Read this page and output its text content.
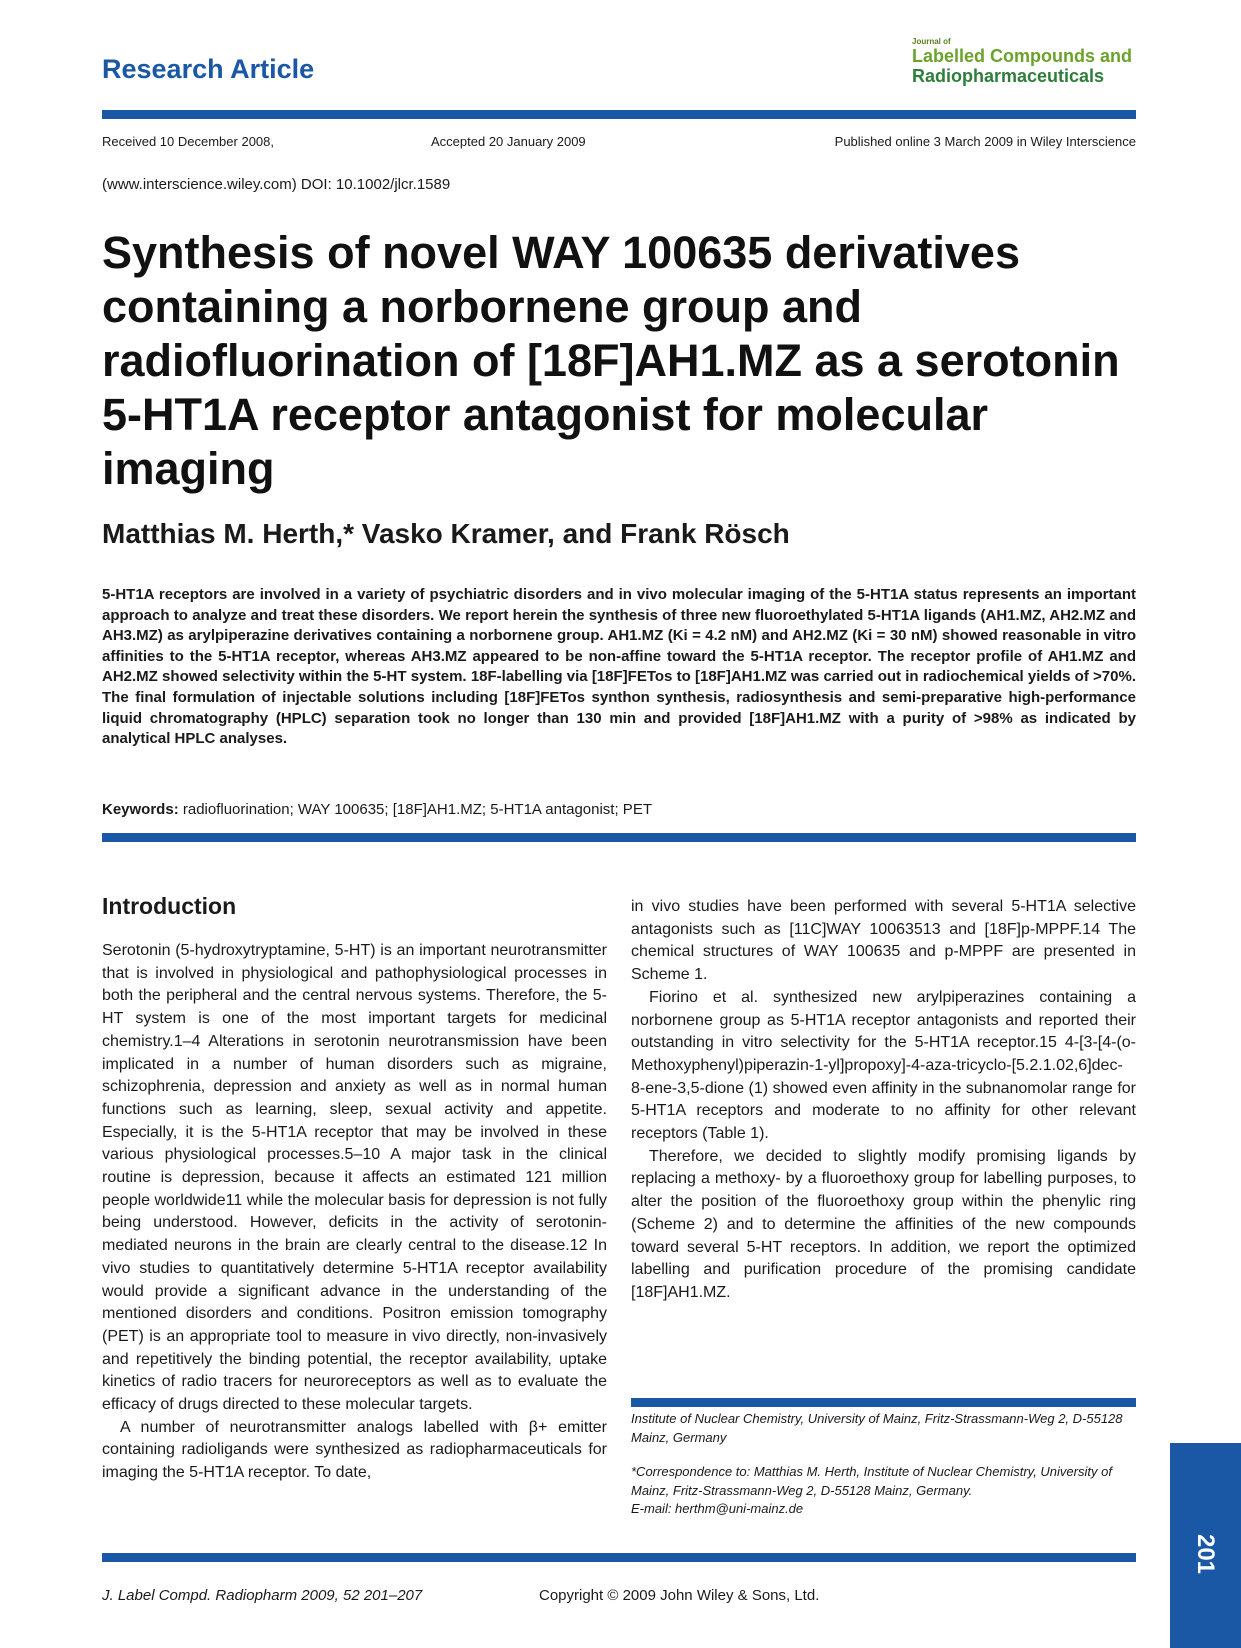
Research Article
Journal of
Labelled Compounds and
Radiopharmaceuticals
Received 10 December 2008,	Accepted 20 January 2009	Published online 3 March 2009 in Wiley Interscience
(www.interscience.wiley.com) DOI: 10.1002/jlcr.1589
Synthesis of novel WAY 100635 derivatives containing a norbornene group and radiofluorination of [18F]AH1.MZ as a serotonin 5-HT1A receptor antagonist for molecular imaging
Matthias M. Herth,* Vasko Kramer, and Frank Rösch
5-HT1A receptors are involved in a variety of psychiatric disorders and in vivo molecular imaging of the 5-HT1A status represents an important approach to analyze and treat these disorders. We report herein the synthesis of three new fluoroethylated 5-HT1A ligands (AH1.MZ, AH2.MZ and AH3.MZ) as arylpiperazine derivatives containing a norbornene group. AH1.MZ (Ki = 4.2 nM) and AH2.MZ (Ki = 30 nM) showed reasonable in vitro affinities to the 5-HT1A receptor, whereas AH3.MZ appeared to be non-affine toward the 5-HT1A receptor. The receptor profile of AH1.MZ and AH2.MZ showed selectivity within the 5-HT system. 18F-labelling via [18F]FETos to [18F]AH1.MZ was carried out in radiochemical yields of >70%. The final formulation of injectable solutions including [18F]FETos synthon synthesis, radiosynthesis and semi-preparative high-performance liquid chromatography (HPLC) separation took no longer than 130 min and provided [18F]AH1.MZ with a purity of >98% as indicated by analytical HPLC analyses.
Keywords: radiofluorination; WAY 100635; [18F]AH1.MZ; 5-HT1A antagonist; PET
Introduction

Serotonin (5-hydroxytryptamine, 5-HT) is an important neurotransmitter that is involved in physiological and pathophysiological processes in both the peripheral and the central nervous systems. Therefore, the 5-HT system is one of the most important targets for medicinal chemistry.1–4 Alterations in serotonin neurotransmission have been implicated in a number of human disorders such as migraine, schizophrenia, depression and anxiety as well as in normal human functions such as learning, sleep, sexual activity and appetite. Especially, it is the 5-HT1A receptor that may be involved in these various physiological processes.5–10 A major task in the clinical routine is depression, because it affects an estimated 121 million people worldwide11 while the molecular basis for depression is not fully being understood. However, deficits in the activity of serotonin-mediated neurons in the brain are clearly central to the disease.12 In vivo studies to quantitatively determine 5-HT1A receptor availability would provide a significant advance in the understanding of the mentioned disorders and conditions. Positron emission tomography (PET) is an appropriate tool to measure in vivo directly, non-invasively and repetitively the binding potential, the receptor availability, uptake kinetics of radio tracers for neuroreceptors as well as to evaluate the efficacy of drugs directed to these molecular targets.

A number of neurotransmitter analogs labelled with β+ emitter containing radioligands were synthesized as radiopharmaceuticals for imaging the 5-HT1A receptor. To date,

in vivo studies have been performed with several 5-HT1A selective antagonists such as [11C]WAY 10063513 and [18F]p-MPPF.14 The chemical structures of WAY 100635 and p-MPPF are presented in Scheme 1.

Fiorino et al. synthesized new arylpiperazines containing a norbornene group as 5-HT1A receptor antagonists and reported their outstanding in vitro selectivity for the 5-HT1A receptor.15 4-[3-[4-(o-Methoxyphenyl)piperazin-1-yl]propoxy]-4-aza-tricyclo-[5.2.1.02,6]dec-8-ene-3,5-dione (1) showed even affinity in the subnanomolar range for 5-HT1A receptors and moderate to no affinity for other relevant receptors (Table 1).

Therefore, we decided to slightly modify promising ligands by replacing a methoxy- by a fluoroethoxy group for labelling purposes, to alter the position of the fluoroethoxy group within the phenylic ring (Scheme 2) and to determine the affinities of the new compounds toward several 5-HT receptors. In addition, we report the optimized labelling and purification procedure of the promising candidate [18F]AH1.MZ.

Institute of Nuclear Chemistry, University of Mainz, Fritz-Strassmann-Weg 2, D-55128 Mainz, Germany

*Correspondence to: Matthias M. Herth, Institute of Nuclear Chemistry, University of Mainz, Fritz-Strassmann-Weg 2, D-55128 Mainz, Germany.

E-mail: herthm@uni-mainz.de

J. Label Compd. Radiopharm 2009, 52 201–207	Copyright © 2009 John Wiley & Sons, Ltd.
201
